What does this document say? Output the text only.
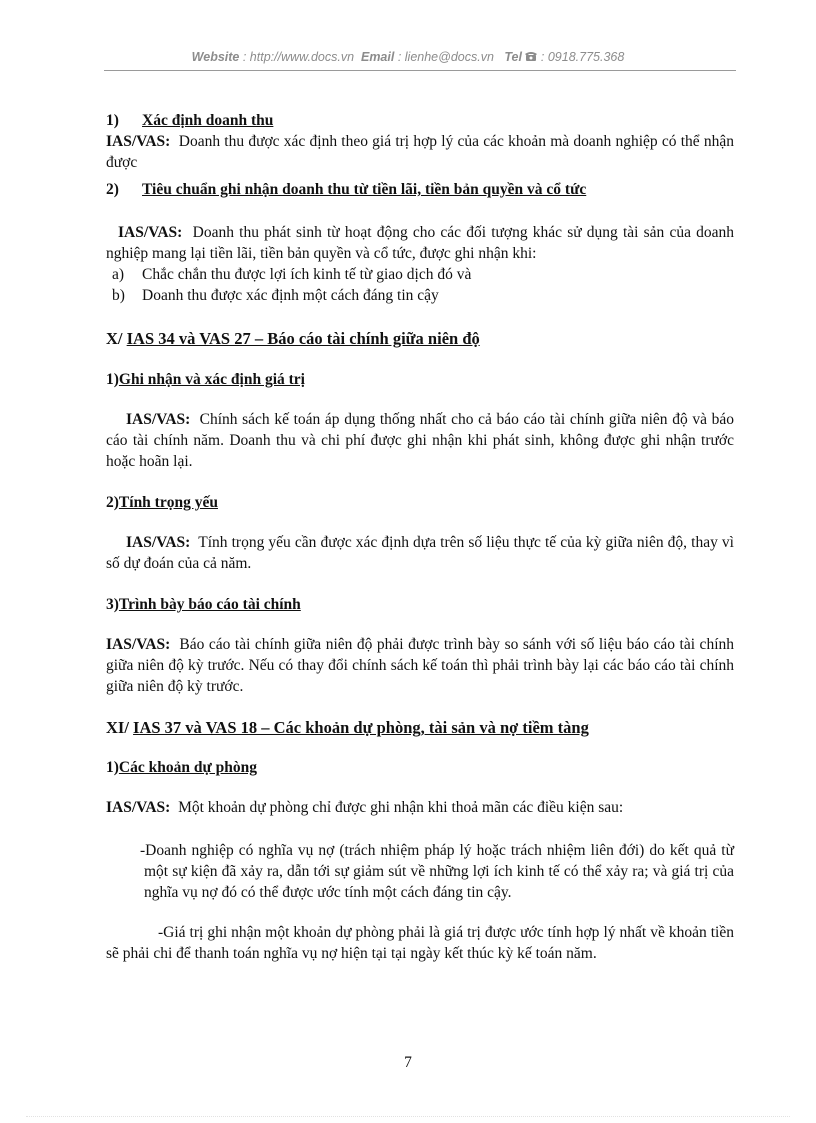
Website : http://www.docs.vn Email : lienhe@docs.vn Tel : 0918.775.368

1) Xác định doanh thu

IAS/VAS: Doanh thu được xác định theo giá trị hợp lý của các khoản mà doanh nghiệp có thể nhận được

2) Tiêu chuẩn ghi nhận doanh thu từ tiền lãi, tiền bản quyền và cổ tức

IAS/VAS: Doanh thu phát sinh từ hoạt động cho các đối tượng khác sử dụng tài sản của doanh nghiệp mang lại tiền lãi, tiền bản quyền và cổ tức, được ghi nhận khi:

a) Chắc chắn thu được lợi ích kinh tế từ giao dịch đó và

b) Doanh thu được xác định một cách đáng tin cậy

X/ IAS 34 và VAS 27 – Báo cáo tài chính giữa niên độ

1)Ghi nhận và xác định giá trị

IAS/VAS: Chính sách kế toán áp dụng thống nhất cho cả báo cáo tài chính giữa niên độ và báo cáo tài chính năm. Doanh thu và chi phí được ghi nhận khi phát sinh, không được ghi nhận trước hoặc hoãn lại.

2)Tính trọng yếu

IAS/VAS: Tính trọng yếu cần được xác định dựa trên số liệu thực tế của kỳ giữa niên độ, thay vì số dự đoán của cả năm.

3)Trình bày báo cáo tài chính

IAS/VAS: Báo cáo tài chính giữa niên độ phải được trình bày so sánh với số liệu báo cáo tài chính giữa niên độ kỳ trước. Nếu có thay đổi chính sách kế toán thì phải trình bày lại các báo cáo tài chính giữa niên độ kỳ trước.

XI/ IAS 37 và VAS 18 – Các khoản dự phòng, tài sản và nợ tiềm tàng

1)Các khoản dự phòng

IAS/VAS: Một khoản dự phòng chỉ được ghi nhận khi thoả mãn các điều kiện sau:

-Doanh nghiệp có nghĩa vụ nợ (trách nhiệm pháp lý hoặc trách nhiệm liên đới) do kết quả từ một sự kiện đã xảy ra, dẫn tới sự giảm sút về những lợi ích kinh tế có thể xảy ra; và giá trị của nghĩa vụ nợ đó có thể được ước tính một cách đáng tin cậy.

-Giá trị ghi nhận một khoản dự phòng phải là giá trị được ước tính hợp lý nhất về khoản tiền sẽ phải chi để thanh toán nghĩa vụ nợ hiện tại tại ngày kết thúc kỳ kế toán năm.

7
